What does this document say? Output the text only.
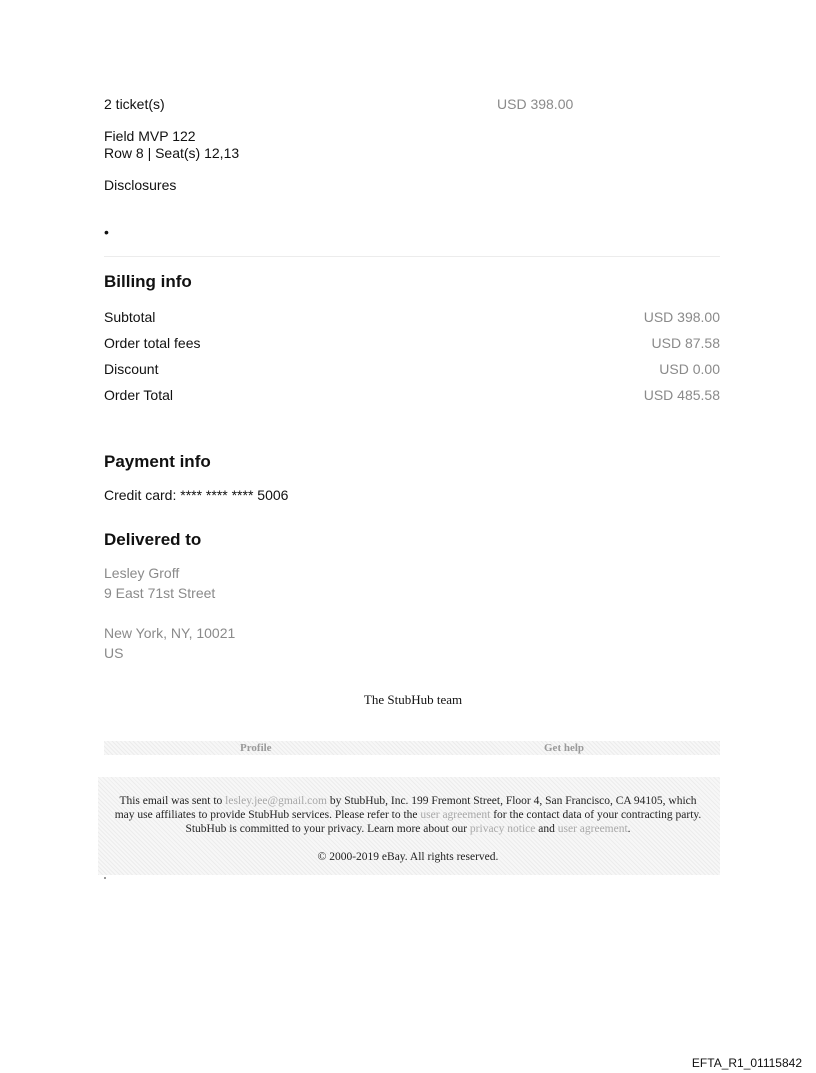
2 ticket(s)	USD 398.00
Field MVP 122
Row 8 | Seat(s) 12,13
Disclosures
•
Billing info
Subtotal	USD 398.00
Order total fees	USD 87.58
Discount	USD 0.00
Order Total	USD 485.58
Payment info
Credit card: **** **** **** 5006
Delivered to
Lesley Groff
9 East 71st Street
New York, NY, 10021
US
The StubHub team
Profile	Get help
This email was sent to lesley.jee@gmail.com by StubHub, Inc. 199 Fremont Street, Floor 4, San Francisco, CA 94105, which
may use affiliates to provide StubHub services. Please refer to the user agreement for the contact data of your contracting party.
StubHub is committed to your privacy. Learn more about our privacy notice and user agreement.
© 2000-2019 eBay. All rights reserved.
EFTA_R1_01115842
